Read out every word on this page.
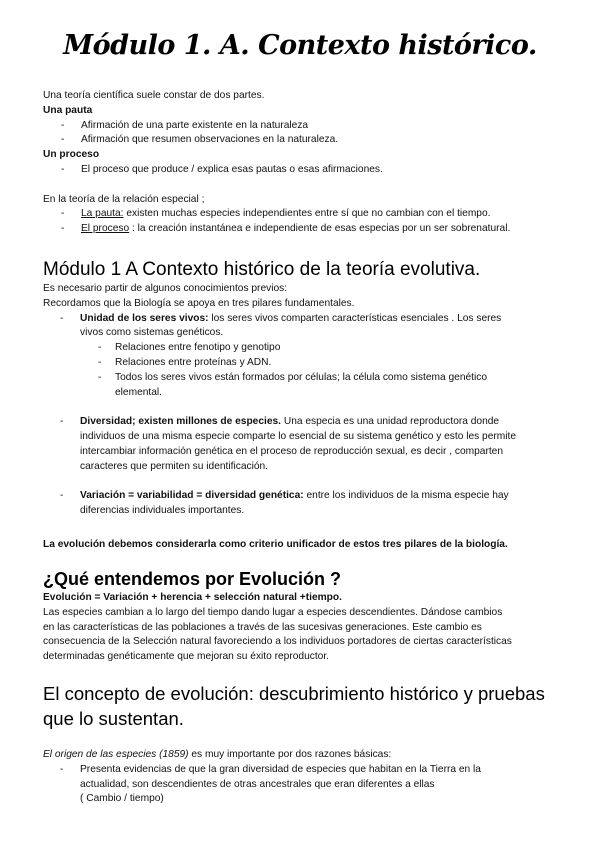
Módulo 1. A. Contexto histórico.

Una teoría científica suele constar de dos partes.

Una pauta

- Afirmación de una parte existente en la naturaleza

- Afirmación que resumen observaciones en la naturaleza.

Un proceso

- El proceso que produce / explica esas pautas o esas afirmaciones.

En la teoría de la relación especial ;

- La pauta: existen muchas especies independientes entre sí que no cambian con el tiempo.

- El proceso : la creación instantánea e independiente de esas especias por un ser sobrenatural.

Módulo 1 A Contexto histórico de la teoría evolutiva.

Es necesario partir de algunos conocimientos previos:

Recordamos que la Biología se apoya en tres pilares fundamentales.

- Unidad de los seres vivos: los seres vivos comparten características esenciales . Los seres

vivos como sistemas genéticos.

- Relaciones entre fenotipo y genotipo

- Relaciones entre proteínas y ADN.

- Todos los seres vivos están formados por células; la célula como sistema genético

elemental.

- Diversidad; existen millones de especies. Una especia es una unidad reproductora donde

individuos de una misma especie comparte lo esencial de su sistema genético y esto les permite

intercambiar información genética en el proceso de reproducción sexual, es decir , comparten

caracteres que permiten su identificación.

- Variación = variabilidad = diversidad genética: entre los individuos de la misma especie hay

diferencias individuales importantes.

La evolución debemos considerarla como criterio unificador de estos tres pilares de la biología.

¿Qué entendemos por Evolución ?

Evolución = Variación + herencia + selección natural +tiempo.

Las especies cambian a lo largo del tiempo dando lugar a especies descendientes. Dándose cambios

en las características de las poblaciones a través de las sucesivas generaciones. Este cambio es

consecuencia de la Selección natural favoreciendo a los individuos portadores de ciertas características

determinadas genéticamente que mejoran su éxito reproductor.

El concepto de evolución: descubrimiento histórico y pruebas que lo sustentan.

El origen de las especies (1859) es muy importante por dos razones básicas:

- Presenta evidencias de que la gran diversidad de especies que habitan en la Tierra en la

actualidad, son descendientes de otras ancestrales que eran diferentes a ellas

( Cambio / tiempo)
